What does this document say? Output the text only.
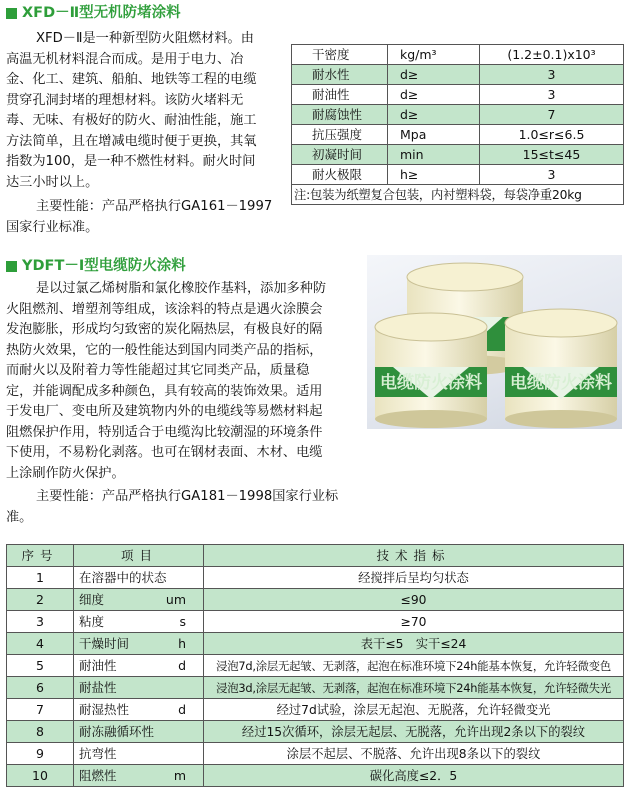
XFD－Ⅱ型无机防堵涂料
XFD－Ⅱ是一种新型防火阻燃材料。由
高温无机材料混合而成。是用于电力、冶
金、化工、建筑、船舶、地铁等工程的电缆
贯穿孔洞封堵的理想材料。该防火堵料无
毒、无味、有极好的防火、耐油性能，施工
方法简单，且在增减电缆时便于更换，其氧
指数为100，是一种不燃性材料。耐火时间
达三小时以上。
主要性能：产品严格执行GA161－1997
国家行业标准。
干密度	kg/m³	(1.2±0.1)x10³
耐水性	d≥	3
耐油性	d≥	3
耐腐蚀性	d≥	7
抗压强度	Mpa	1.0≤r≤6.5
初凝时间	min	15≤t≤45
耐火极限	h≥	3
注:包装为纸塑复合包装，内衬塑料袋，每袋净重20kg		
YDFT－Ⅰ型电缆防火涂料
是以过氯乙烯树脂和氯化橡胶作基料，添加多种防
火阻燃剂、增塑剂等组成，该涂料的特点是遇火涂膜会
发泡膨胀，形成均匀致密的炭化隔热层，有极良好的隔
热防火效果，它的一般性能达到国内同类产品的指标，
而耐火以及附着力等性能超过其它同类产品，质量稳
定，并能调配成多种颜色，具有较高的装饰效果。适用
于发电厂、变电所及建筑物内外的电缆线等易燃材料起
阻燃保护作用，特别适合于电缆沟比较潮湿的环境条件
下使用，不易粉化剥落。也可在钢材表面、木材、电缆
上涂刷作防火保护。
主要性能：产品严格执行GA181－1998国家行业标
准。
电缆防火涂料 电缆防火涂料
序号	项目	技术指标
1	在溶器中的状态	经搅拌后呈均匀状态
2	细度 um	≤90
3	粘度 s	≥70
4	干燥时间 h	表干≤5　实干≤24
5	耐油性 d	浸泡7d,涂层无起皱、无剥落，起泡在标准环境下24h能基本恢复，允许轻微变色
6	耐盐性	浸泡3d,涂层无起皱、无剥落，起泡在标准环境下24h能基本恢复，允许轻微失光
7	耐湿热性 d	经过7d试验，涂层无起泡、无脱落，允许轻微变光
8	耐冻融循环性	经过15次循环，涂层无起层、无脱落，允许出现2条以下的裂纹
9	抗弯性	涂层不起层、不脱落、允许出现8条以下的裂纹
10	阻燃性 m	碳化高度≤2．5
